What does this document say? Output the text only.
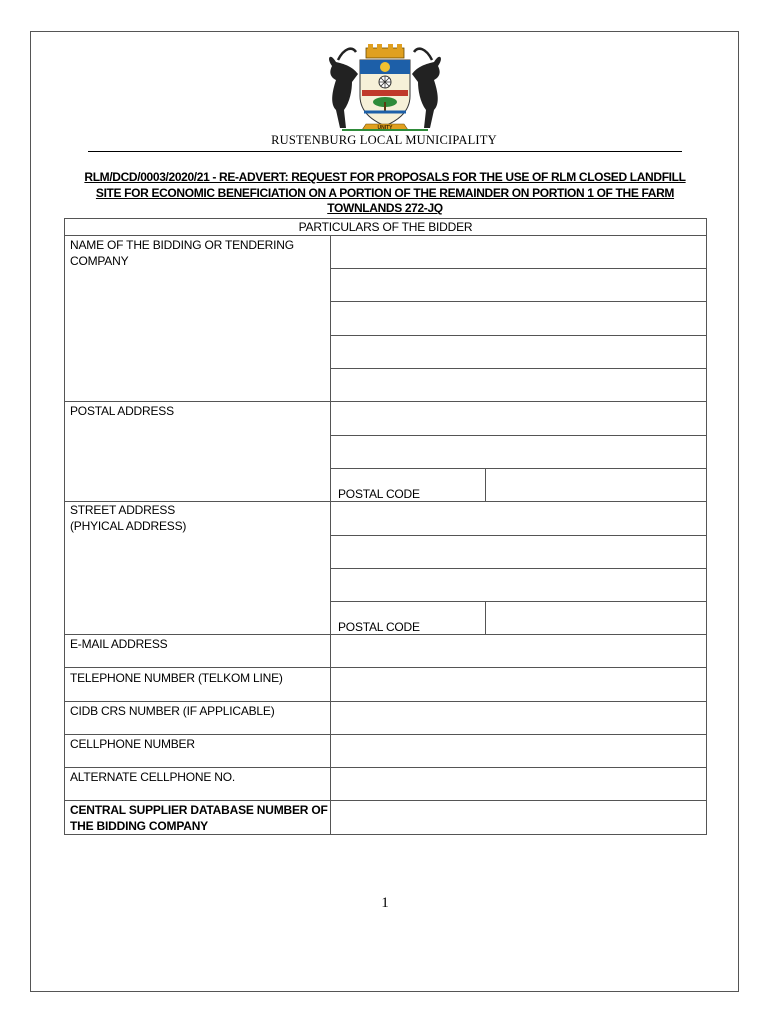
UNITY
RUSTENBURG LOCAL MUNICIPALITY
RLM/DCD/0003/2020/21 - RE-ADVERT: REQUEST FOR PROPOSALS FOR THE USE OF RLM CLOSED LANDFILL SITE FOR ECONOMIC BENEFICIATION ON A PORTION OF THE REMAINDER ON PORTION 1 OF THE FARM TOWNLANDS 272-JQ
PARTICULARS OF THE BIDDER
NAME OF THE BIDDING OR TENDERING COMPANY
POSTAL ADDRESS
POSTAL CODE
STREET ADDRESS (PHYICAL ADDRESS)
POSTAL CODE
E-MAIL ADDRESS
TELEPHONE NUMBER (TELKOM LINE)
CIDB CRS NUMBER (IF APPLICABLE)
CELLPHONE NUMBER
ALTERNATE CELLPHONE NO.
CENTRAL SUPPLIER DATABASE NUMBER OF THE BIDDING COMPANY
1
